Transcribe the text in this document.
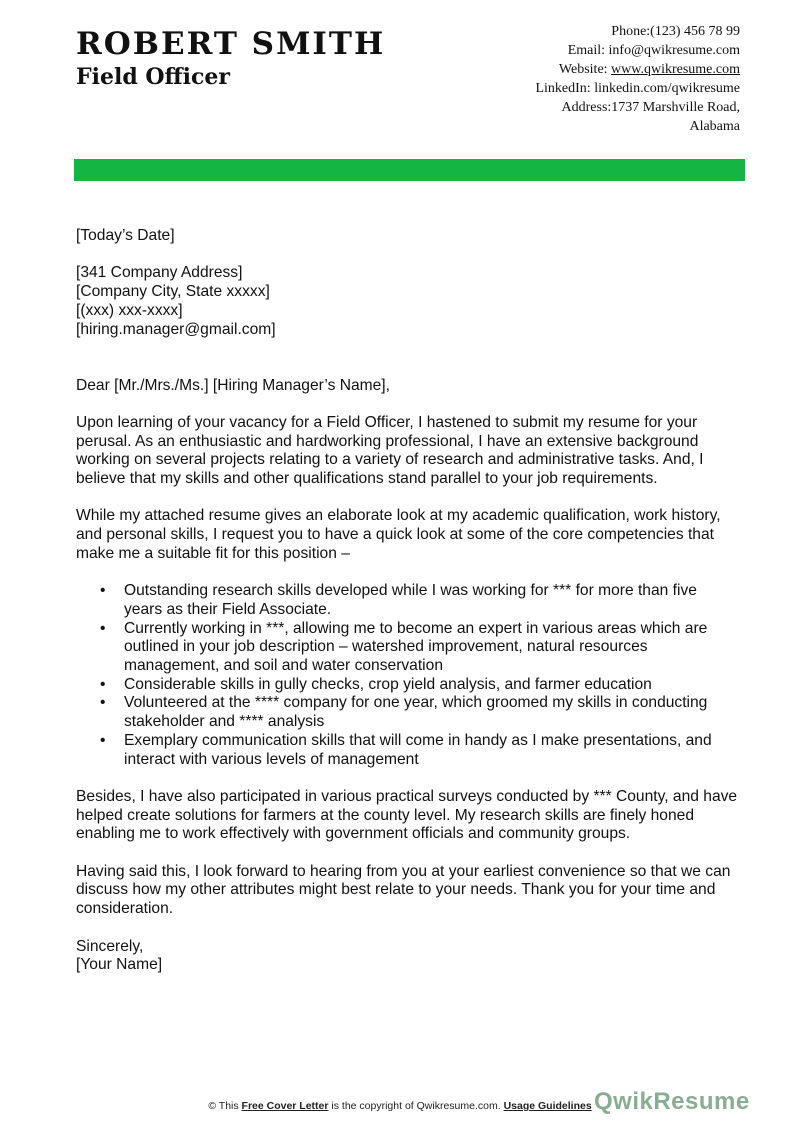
ROBERT SMITH
Field Officer
Phone:(123) 456 78 99
Email: info@qwikresume.com
Website: www.qwikresume.com
LinkedIn: linkedin.com/qwikresume
Address:1737 Marshville Road,
Alabama

[Today’s Date]

[341 Company Address]

[Company City, State xxxxx]

[(xxx) xxx-xxxx]

[hiring.manager@gmail.com]

Dear [Mr./Mrs./Ms.] [Hiring Manager’s Name],

Upon learning of your vacancy for a Field Officer, I hastened to submit my resume for your perusal. As an enthusiastic and hardworking professional, I have an extensive background working on several projects relating to a variety of research and administrative tasks. And, I believe that my skills and other qualifications stand parallel to your job requirements.

While my attached resume gives an elaborate look at my academic qualification, work history, and personal skills, I request you to have a quick look at some of the core competencies that make me a suitable fit for this position –

• Outstanding research skills developed while I was working for *** for more than five years as their Field Associate.
• Currently working in ***, allowing me to become an expert in various areas which are outlined in your job description – watershed improvement, natural resources management, and soil and water conservation
• Considerable skills in gully checks, crop yield analysis, and farmer education
• Volunteered at the **** company for one year, which groomed my skills in conducting stakeholder and **** analysis
• Exemplary communication skills that will come in handy as I make presentations, and interact with various levels of management

Besides, I have also participated in various practical surveys conducted by *** County, and have helped create solutions for farmers at the county level. My research skills are finely honed enabling me to work effectively with government officials and community groups.

Having said this, I look forward to hearing from you at your earliest convenience so that we can discuss how my other attributes might best relate to your needs. Thank you for your time and consideration.

Sincerely,

[Your Name]

QwikResume
© This Free Cover Letter is the copyright of Qwikresume.com. Usage Guidelines
